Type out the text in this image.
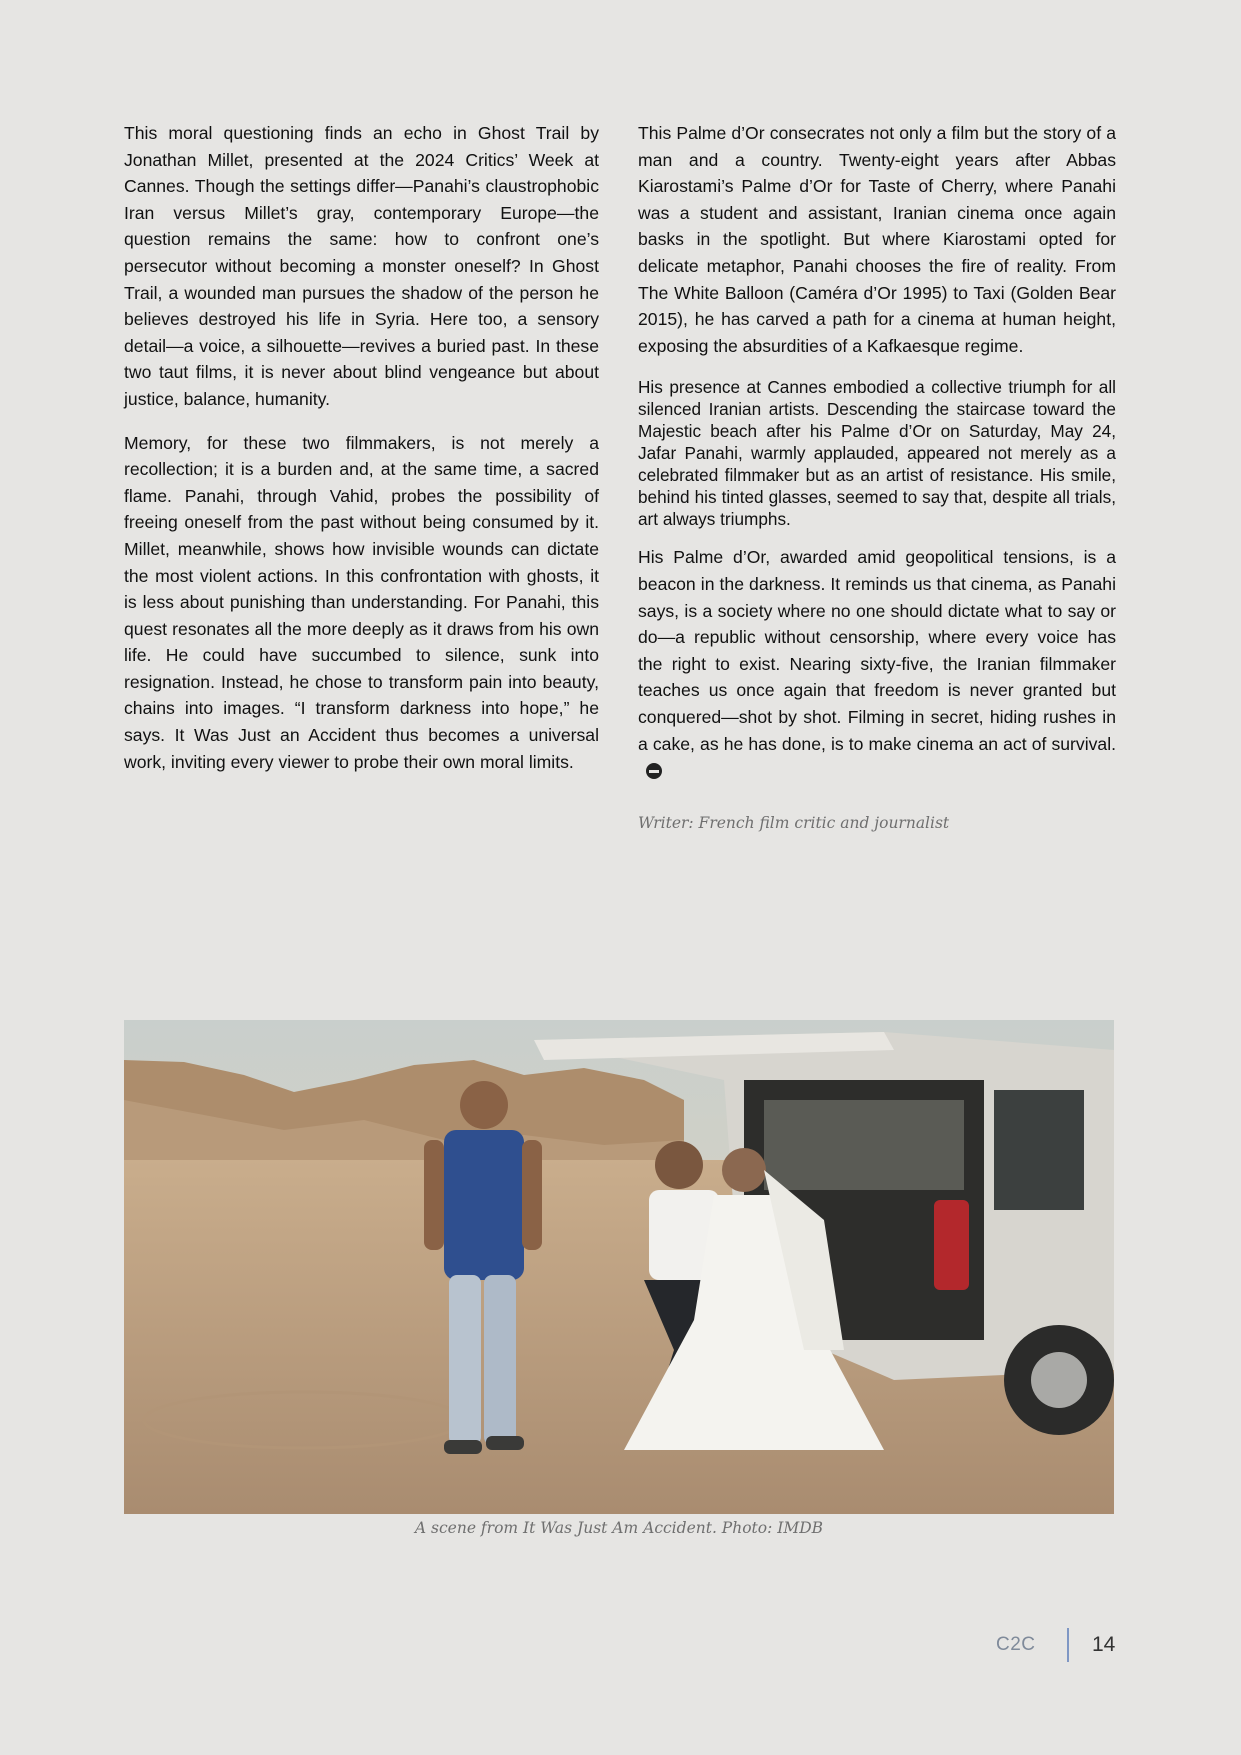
This moral questioning finds an echo in Ghost Trail by Jonathan Millet, presented at the 2024 Critics’ Week at Cannes. Though the settings differ—Panahi’s claustrophobic Iran versus Millet’s gray, contemporary Europe—the question remains the same: how to confront one’s persecutor without becoming a monster oneself? In Ghost Trail, a wounded man pursues the shadow of the person he believes destroyed his life in Syria. Here too, a sensory detail—a voice, a silhouette—revives a buried past. In these two taut films, it is never about blind vengeance but about justice, balance, humanity.

Memory, for these two filmmakers, is not merely a recollection; it is a burden and, at the same time, a sacred flame. Panahi, through Vahid, probes the possibility of freeing oneself from the past without being consumed by it. Millet, meanwhile, shows how invisible wounds can dictate the most violent actions. In this confrontation with ghosts, it is less about punishing than understanding. For Panahi, this quest resonates all the more deeply as it draws from his own life. He could have succumbed to silence, sunk into resignation. Instead, he chose to transform pain into beauty, chains into images. “I transform darkness into hope,” he says. It Was Just an Accident thus becomes a universal work, inviting every viewer to probe their own moral limits.

This Palme d’Or consecrates not only a film but the story of a man and a country. Twenty-eight years after Abbas Kiarostami’s Palme d’Or for Taste of Cherry, where Panahi was a student and assistant, Iranian cinema once again basks in the spotlight. But where Kiarostami opted for delicate metaphor, Panahi chooses the fire of reality. From The White Balloon (Caméra d’Or 1995) to Taxi (Golden Bear 2015), he has carved a path for a cinema at human height, exposing the absurdities of a Kafkaesque regime.

His presence at Cannes embodied a collective triumph for all silenced Iranian artists. Descending the staircase toward the Majestic beach after his Palme d’Or on Saturday, May 24, Jafar Panahi, warmly applauded, appeared not merely as a celebrated filmmaker but as an artist of resistance. His smile, behind his tinted glasses, seemed to say that, despite all trials, art always triumphs.

His Palme d’Or, awarded amid geopolitical tensions, is a beacon in the darkness. It reminds us that cinema, as Panahi says, is a society where no one should dictate what to say or do—a republic without censorship, where every voice has the right to exist. Nearing sixty-five, the Iranian filmmaker teaches us once again that freedom is never granted but conquered—shot by shot. Filming in secret, hiding rushes in a cake, as he has done, is to make cinema an act of survival.

Writer: French film critic and journalist
A scene from It Was Just Am Accident. Photo: IMDB
C2C	14
